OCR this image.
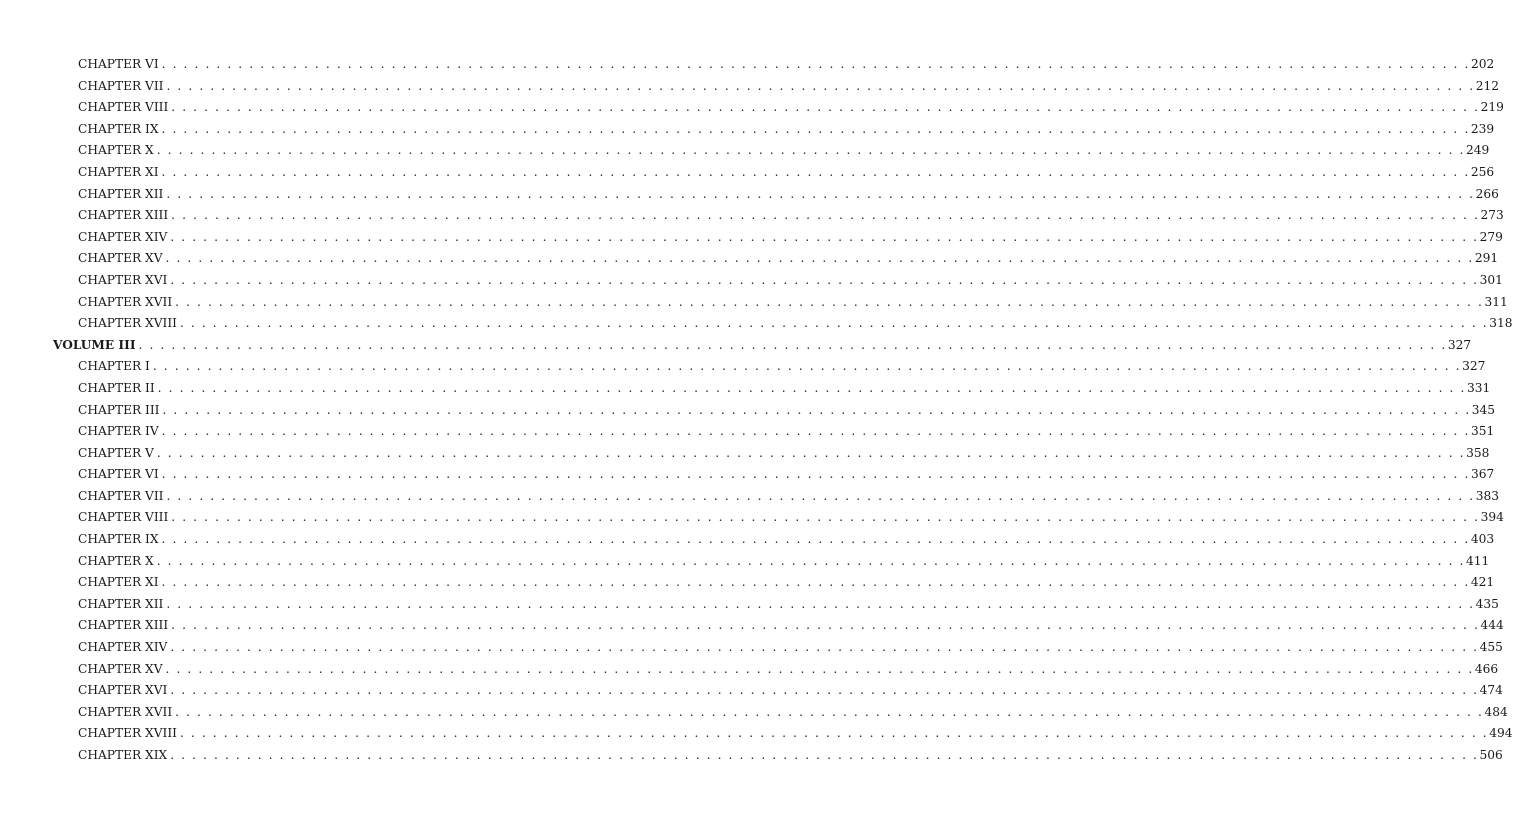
CHAPTER VI . . . . . . . . . . . . . . . . . . . . . . . . . . . . . . . . . . . . . . . . . . . . . . . . . . . . . . . . . . . . . . . . . . . . . . . . . . . . . . . . . . . . . . . . . . . . . . . . . . . . . . . . . . . . . . . . . . . . . . . . 202
CHAPTER VII . . . . . . . . . . . . . . . . . . . . . . . . . . . . . . . . . . . . . . . . . . . . . . . . . . . . . . . . . . . . . . . . . . . . . . . . . . . . . . . . . . . . . . . . . . . . . . . . . . . . . . . . . . . . . . . . . . . . . . . . 212
CHAPTER VIII . . . . . . . . . . . . . . . . . . . . . . . . . . . . . . . . . . . . . . . . . . . . . . . . . . . . . . . . . . . . . . . . . . . . . . . . . . . . . . . . . . . . . . . . . . . . . . . . . . . . . . . . . . . . . . . . . . . . . . . . 219
CHAPTER IX . . . . . . . . . . . . . . . . . . . . . . . . . . . . . . . . . . . . . . . . . . . . . . . . . . . . . . . . . . . . . . . . . . . . . . . . . . . . . . . . . . . . . . . . . . . . . . . . . . . . . . . . . . . . . . . . . . . . . . . . 239
CHAPTER X . . . . . . . . . . . . . . . . . . . . . . . . . . . . . . . . . . . . . . . . . . . . . . . . . . . . . . . . . . . . . . . . . . . . . . . . . . . . . . . . . . . . . . . . . . . . . . . . . . . . . . . . . . . . . . . . . . . . . . . . 249
CHAPTER XI . . . . . . . . . . . . . . . . . . . . . . . . . . . . . . . . . . . . . . . . . . . . . . . . . . . . . . . . . . . . . . . . . . . . . . . . . . . . . . . . . . . . . . . . . . . . . . . . . . . . . . . . . . . . . . . . . . . . . . . . 256
CHAPTER XII . . . . . . . . . . . . . . . . . . . . . . . . . . . . . . . . . . . . . . . . . . . . . . . . . . . . . . . . . . . . . . . . . . . . . . . . . . . . . . . . . . . . . . . . . . . . . . . . . . . . . . . . . . . . . . . . . . . . . . . . 266
CHAPTER XIII . . . . . . . . . . . . . . . . . . . . . . . . . . . . . . . . . . . . . . . . . . . . . . . . . . . . . . . . . . . . . . . . . . . . . . . . . . . . . . . . . . . . . . . . . . . . . . . . . . . . . . . . . . . . . . . . . . . . . . . . 273
CHAPTER XIV . . . . . . . . . . . . . . . . . . . . . . . . . . . . . . . . . . . . . . . . . . . . . . . . . . . . . . . . . . . . . . . . . . . . . . . . . . . . . . . . . . . . . . . . . . . . . . . . . . . . . . . . . . . . . . . . . . . . . . . . 279
CHAPTER XV . . . . . . . . . . . . . . . . . . . . . . . . . . . . . . . . . . . . . . . . . . . . . . . . . . . . . . . . . . . . . . . . . . . . . . . . . . . . . . . . . . . . . . . . . . . . . . . . . . . . . . . . . . . . . . . . . . . . . . . . 291
CHAPTER XVI . . . . . . . . . . . . . . . . . . . . . . . . . . . . . . . . . . . . . . . . . . . . . . . . . . . . . . . . . . . . . . . . . . . . . . . . . . . . . . . . . . . . . . . . . . . . . . . . . . . . . . . . . . . . . . . . . . . . . . . . 301
CHAPTER XVII . . . . . . . . . . . . . . . . . . . . . . . . . . . . . . . . . . . . . . . . . . . . . . . . . . . . . . . . . . . . . . . . . . . . . . . . . . . . . . . . . . . . . . . . . . . . . . . . . . . . . . . . . . . . . . . . . . . . . . . . 311
CHAPTER XVIII . . . . . . . . . . . . . . . . . . . . . . . . . . . . . . . . . . . . . . . . . . . . . . . . . . . . . . . . . . . . . . . . . . . . . . . . . . . . . . . . . . . . . . . . . . . . . . . . . . . . . . . . . . . . . . . . . . . . . . . . 318
VOLUME III . . . . . . . . . . . . . . . . . . . . . . . . . . . . . . . . . . . . . . . . . . . . . . . . . . . . . . . . . . . . . . . . . . . . . . . . . . . . . . . . . . . . . . . . . . . . . . . . . . . . . . . . . . . . . . . . . . . . . . . . 327
CHAPTER I . . . . . . . . . . . . . . . . . . . . . . . . . . . . . . . . . . . . . . . . . . . . . . . . . . . . . . . . . . . . . . . . . . . . . . . . . . . . . . . . . . . . . . . . . . . . . . . . . . . . . . . . . . . . . . . . . . . . . . . . 327
CHAPTER II . . . . . . . . . . . . . . . . . . . . . . . . . . . . . . . . . . . . . . . . . . . . . . . . . . . . . . . . . . . . . . . . . . . . . . . . . . . . . . . . . . . . . . . . . . . . . . . . . . . . . . . . . . . . . . . . . . . . . . . . 331
CHAPTER III . . . . . . . . . . . . . . . . . . . . . . . . . . . . . . . . . . . . . . . . . . . . . . . . . . . . . . . . . . . . . . . . . . . . . . . . . . . . . . . . . . . . . . . . . . . . . . . . . . . . . . . . . . . . . . . . . . . . . . . . 345
CHAPTER IV . . . . . . . . . . . . . . . . . . . . . . . . . . . . . . . . . . . . . . . . . . . . . . . . . . . . . . . . . . . . . . . . . . . . . . . . . . . . . . . . . . . . . . . . . . . . . . . . . . . . . . . . . . . . . . . . . . . . . . . . 351
CHAPTER V . . . . . . . . . . . . . . . . . . . . . . . . . . . . . . . . . . . . . . . . . . . . . . . . . . . . . . . . . . . . . . . . . . . . . . . . . . . . . . . . . . . . . . . . . . . . . . . . . . . . . . . . . . . . . . . . . . . . . . . . 358
CHAPTER VI . . . . . . . . . . . . . . . . . . . . . . . . . . . . . . . . . . . . . . . . . . . . . . . . . . . . . . . . . . . . . . . . . . . . . . . . . . . . . . . . . . . . . . . . . . . . . . . . . . . . . . . . . . . . . . . . . . . . . . . . 367
CHAPTER VII . . . . . . . . . . . . . . . . . . . . . . . . . . . . . . . . . . . . . . . . . . . . . . . . . . . . . . . . . . . . . . . . . . . . . . . . . . . . . . . . . . . . . . . . . . . . . . . . . . . . . . . . . . . . . . . . . . . . . . . . 383
CHAPTER VIII . . . . . . . . . . . . . . . . . . . . . . . . . . . . . . . . . . . . . . . . . . . . . . . . . . . . . . . . . . . . . . . . . . . . . . . . . . . . . . . . . . . . . . . . . . . . . . . . . . . . . . . . . . . . . . . . . . . . . . . . 394
CHAPTER IX . . . . . . . . . . . . . . . . . . . . . . . . . . . . . . . . . . . . . . . . . . . . . . . . . . . . . . . . . . . . . . . . . . . . . . . . . . . . . . . . . . . . . . . . . . . . . . . . . . . . . . . . . . . . . . . . . . . . . . . . 403
CHAPTER X . . . . . . . . . . . . . . . . . . . . . . . . . . . . . . . . . . . . . . . . . . . . . . . . . . . . . . . . . . . . . . . . . . . . . . . . . . . . . . . . . . . . . . . . . . . . . . . . . . . . . . . . . . . . . . . . . . . . . . . . 411
CHAPTER XI . . . . . . . . . . . . . . . . . . . . . . . . . . . . . . . . . . . . . . . . . . . . . . . . . . . . . . . . . . . . . . . . . . . . . . . . . . . . . . . . . . . . . . . . . . . . . . . . . . . . . . . . . . . . . . . . . . . . . . . . 421
CHAPTER XII . . . . . . . . . . . . . . . . . . . . . . . . . . . . . . . . . . . . . . . . . . . . . . . . . . . . . . . . . . . . . . . . . . . . . . . . . . . . . . . . . . . . . . . . . . . . . . . . . . . . . . . . . . . . . . . . . . . . . . . . 435
CHAPTER XIII . . . . . . . . . . . . . . . . . . . . . . . . . . . . . . . . . . . . . . . . . . . . . . . . . . . . . . . . . . . . . . . . . . . . . . . . . . . . . . . . . . . . . . . . . . . . . . . . . . . . . . . . . . . . . . . . . . . . . . . . 444
CHAPTER XIV . . . . . . . . . . . . . . . . . . . . . . . . . . . . . . . . . . . . . . . . . . . . . . . . . . . . . . . . . . . . . . . . . . . . . . . . . . . . . . . . . . . . . . . . . . . . . . . . . . . . . . . . . . . . . . . . . . . . . . . . 455
CHAPTER XV . . . . . . . . . . . . . . . . . . . . . . . . . . . . . . . . . . . . . . . . . . . . . . . . . . . . . . . . . . . . . . . . . . . . . . . . . . . . . . . . . . . . . . . . . . . . . . . . . . . . . . . . . . . . . . . . . . . . . . . . 466
CHAPTER XVI . . . . . . . . . . . . . . . . . . . . . . . . . . . . . . . . . . . . . . . . . . . . . . . . . . . . . . . . . . . . . . . . . . . . . . . . . . . . . . . . . . . . . . . . . . . . . . . . . . . . . . . . . . . . . . . . . . . . . . . . 474
CHAPTER XVII . . . . . . . . . . . . . . . . . . . . . . . . . . . . . . . . . . . . . . . . . . . . . . . . . . . . . . . . . . . . . . . . . . . . . . . . . . . . . . . . . . . . . . . . . . . . . . . . . . . . . . . . . . . . . . . . . . . . . . . . 484
CHAPTER XVIII . . . . . . . . . . . . . . . . . . . . . . . . . . . . . . . . . . . . . . . . . . . . . . . . . . . . . . . . . . . . . . . . . . . . . . . . . . . . . . . . . . . . . . . . . . . . . . . . . . . . . . . . . . . . . . . . . . . . . . . . 494
CHAPTER XIX . . . . . . . . . . . . . . . . . . . . . . . . . . . . . . . . . . . . . . . . . . . . . . . . . . . . . . . . . . . . . . . . . . . . . . . . . . . . . . . . . . . . . . . . . . . . . . . . . . . . . . . . . . . . . . . . . . . . . . . . 506
